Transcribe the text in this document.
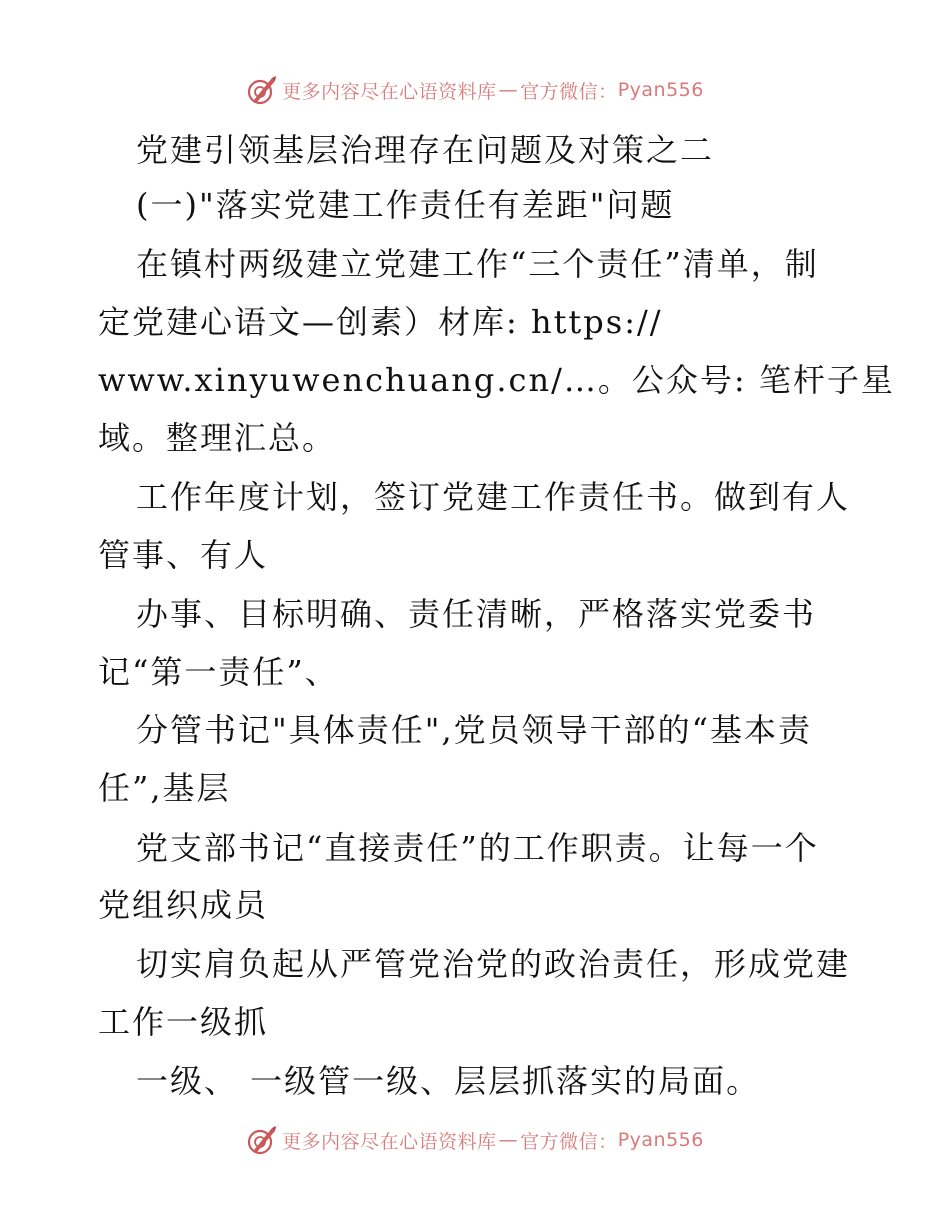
更多内容尽在心语资料库 — 官方微信： Pyan556
党建引领基层治理存在问题及对策之二
(一)"落实党建工作责任有差距"问题
在镇村两级建立党建工作“三个责任”清单，制
定党建心语文—创素）材库: https://
www.xinyuwenchuang.cn/…。公众号: 笔杆子星
域。整理汇总。
工作年度计划，签订党建工作责任书。做到有人
管事、有人
办事、目标明确、责任清晰，严格落实党委书
记“第一责任”、
分管书记"具体责任",党员领导干部的“基本责
任”,基层
党支部书记“直接责任”的工作职责。让每一个
党组织成员
切实肩负起从严管党治党的政治责任，形成党建
工作一级抓
一级、 一级管一级、层层抓落实的局面。
更多内容尽在心语资料库 — 官方微信： Pyan556
